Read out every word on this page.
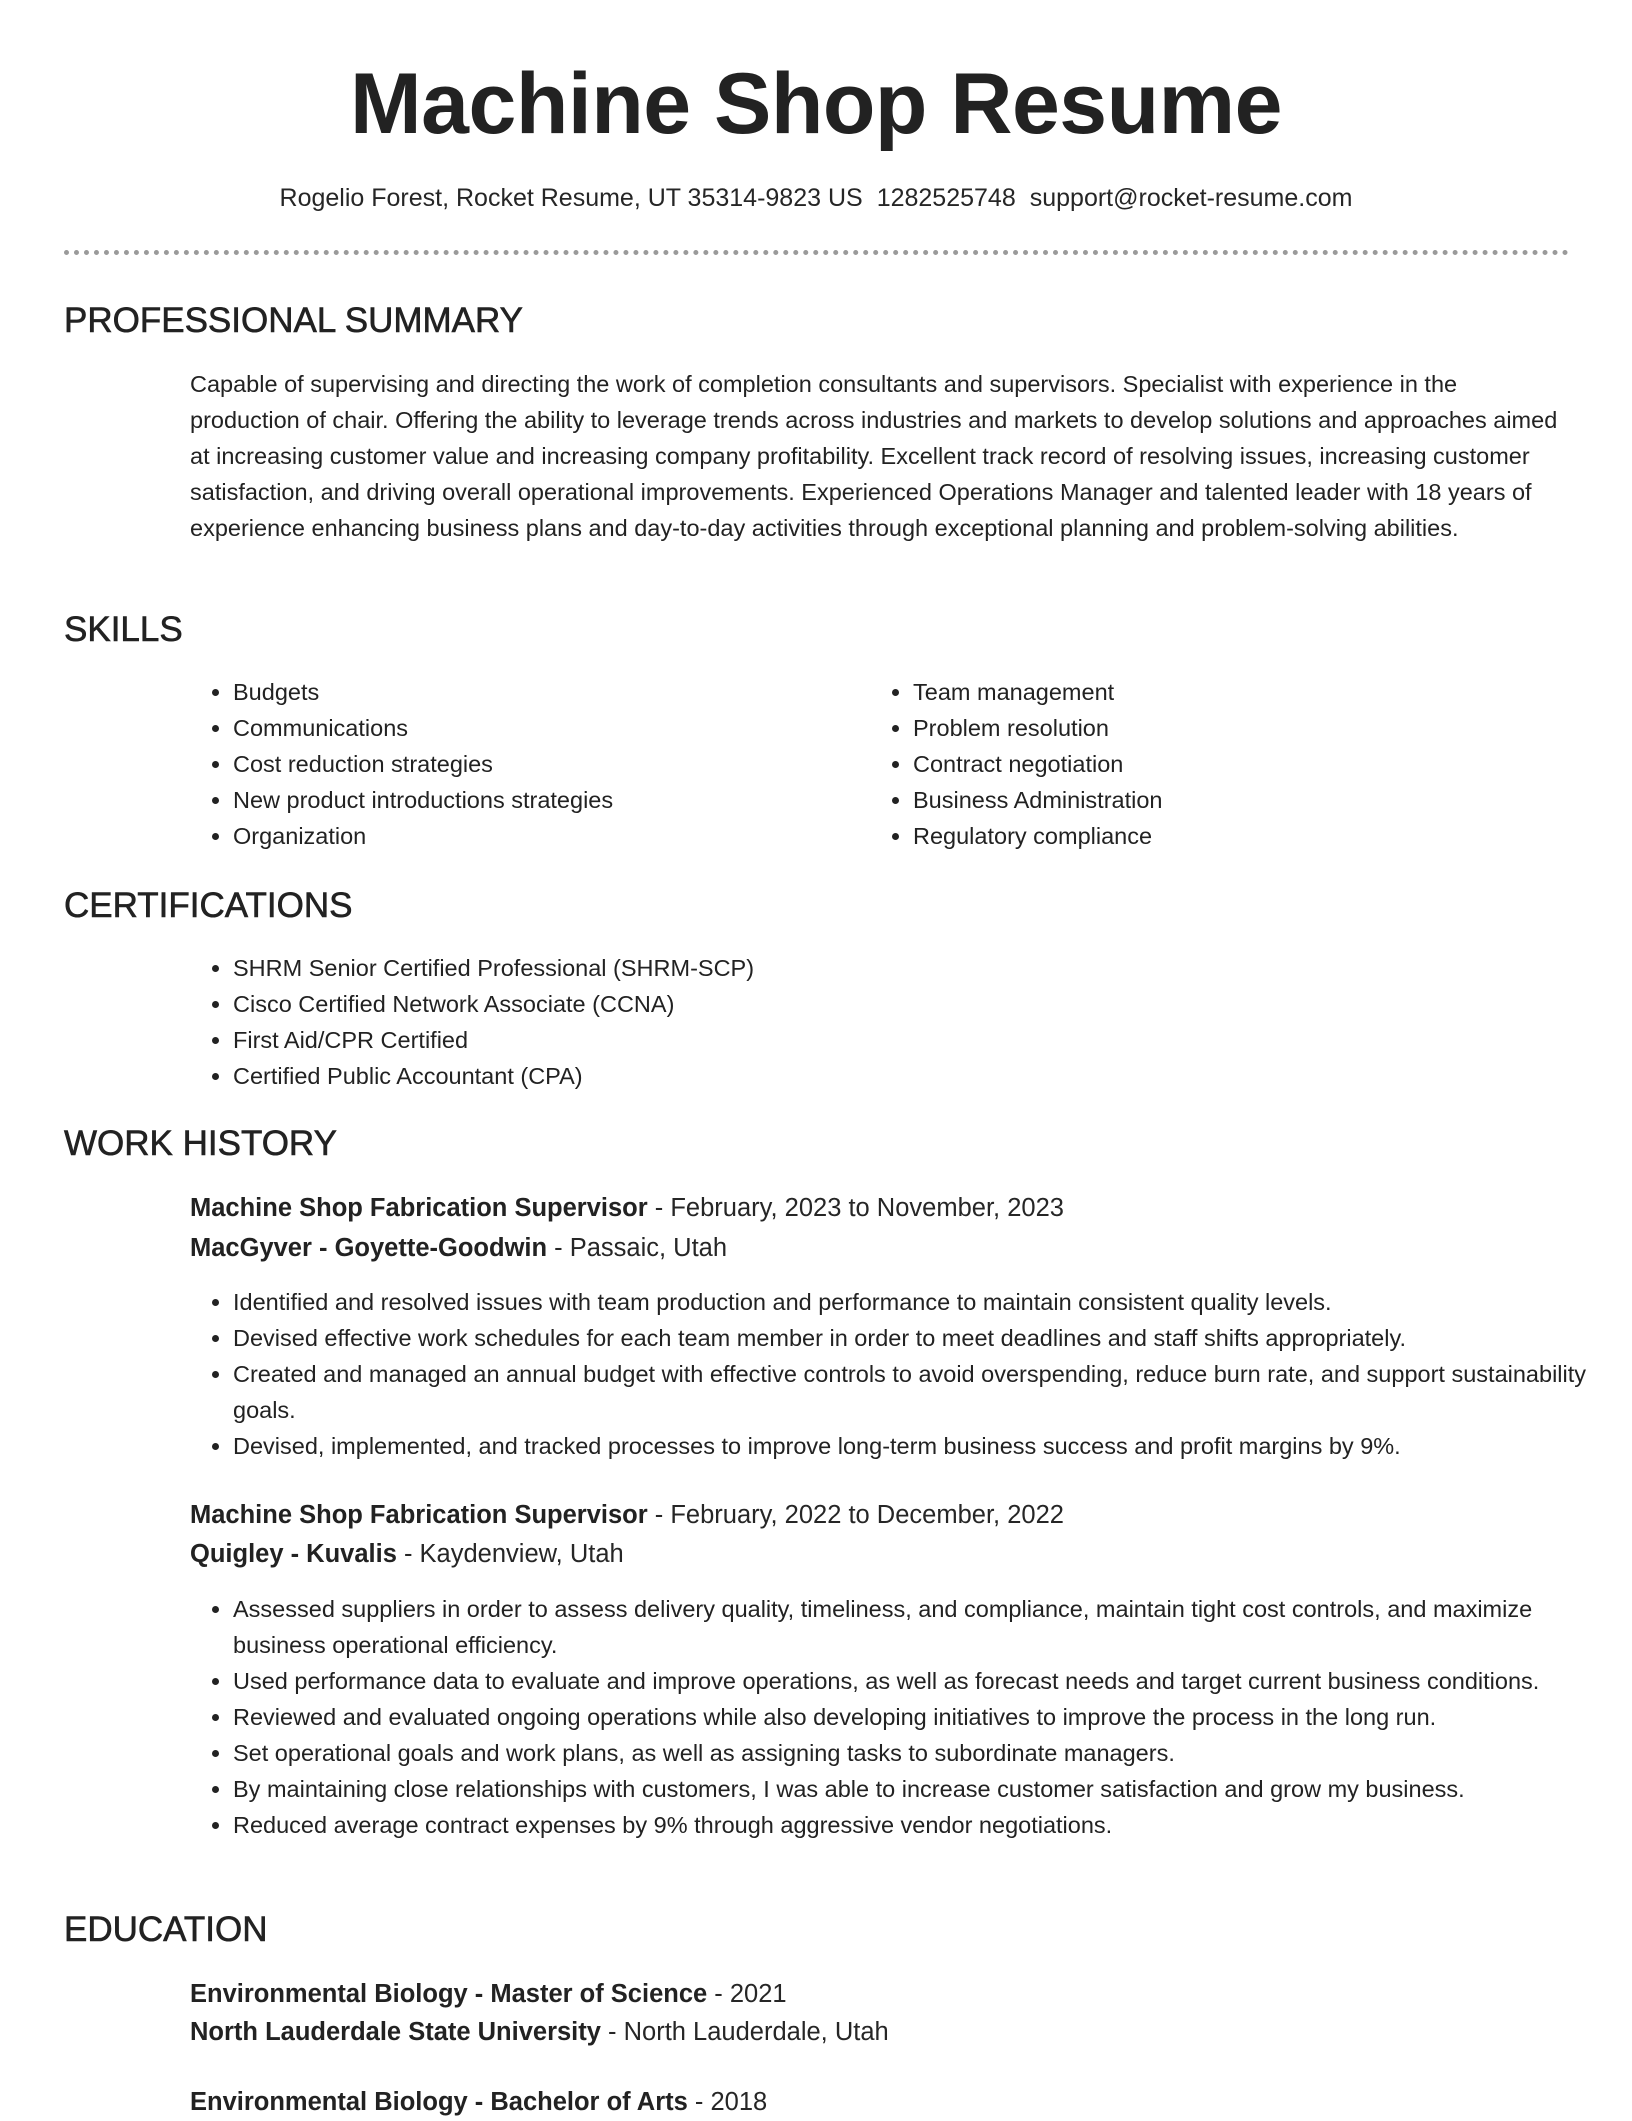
Machine Shop Resume
Rogelio Forest, Rocket Resume, UT 35314-9823 US 1282525748 support@rocket-resume.com
PROFESSIONAL SUMMARY

Capable of supervising and directing the work of completion consultants and supervisors. Specialist with experience in the production of chair. Offering the ability to leverage trends across industries and markets to develop solutions and approaches aimed at increasing customer value and increasing company profitability. Excellent track record of resolving issues, increasing customer satisfaction, and driving overall operational improvements. Experienced Operations Manager and talented leader with 18 years of experience enhancing business plans and day-to-day activities through exceptional planning and problem-solving abilities.

SKILLS
• Budgets
• Communications
• Cost reduction strategies
• New product introductions strategies
• Organization
• Team management
• Problem resolution
• Contract negotiation
• Business Administration
• Regulatory compliance
CERTIFICATIONS
• SHRM Senior Certified Professional (SHRM-SCP)
• Cisco Certified Network Associate (CCNA)
• First Aid/CPR Certified
• Certified Public Accountant (CPA)
WORK HISTORY
Machine Shop Fabrication Supervisor - February, 2023 to November, 2023
MacGyver - Goyette-Goodwin - Passaic, Utah
• Identified and resolved issues with team production and performance to maintain consistent quality levels.
• Devised effective work schedules for each team member in order to meet deadlines and staff shifts appropriately.
• Created and managed an annual budget with effective controls to avoid overspending, reduce burn rate, and support sustainability goals.
• Devised, implemented, and tracked processes to improve long-term business success and profit margins by 9%.
Machine Shop Fabrication Supervisor - February, 2022 to December, 2022
Quigley - Kuvalis - Kaydenview, Utah
• Assessed suppliers in order to assess delivery quality, timeliness, and compliance, maintain tight cost controls, and maximize business operational efficiency.
• Used performance data to evaluate and improve operations, as well as forecast needs and target current business conditions.
• Reviewed and evaluated ongoing operations while also developing initiatives to improve the process in the long run.
• Set operational goals and work plans, as well as assigning tasks to subordinate managers.
• By maintaining close relationships with customers, I was able to increase customer satisfaction and grow my business.
• Reduced average contract expenses by 9% through aggressive vendor negotiations.
EDUCATION
Environmental Biology - Master of Science - 2021
North Lauderdale State University - North Lauderdale, Utah
Environmental Biology - Bachelor of Arts - 2018
